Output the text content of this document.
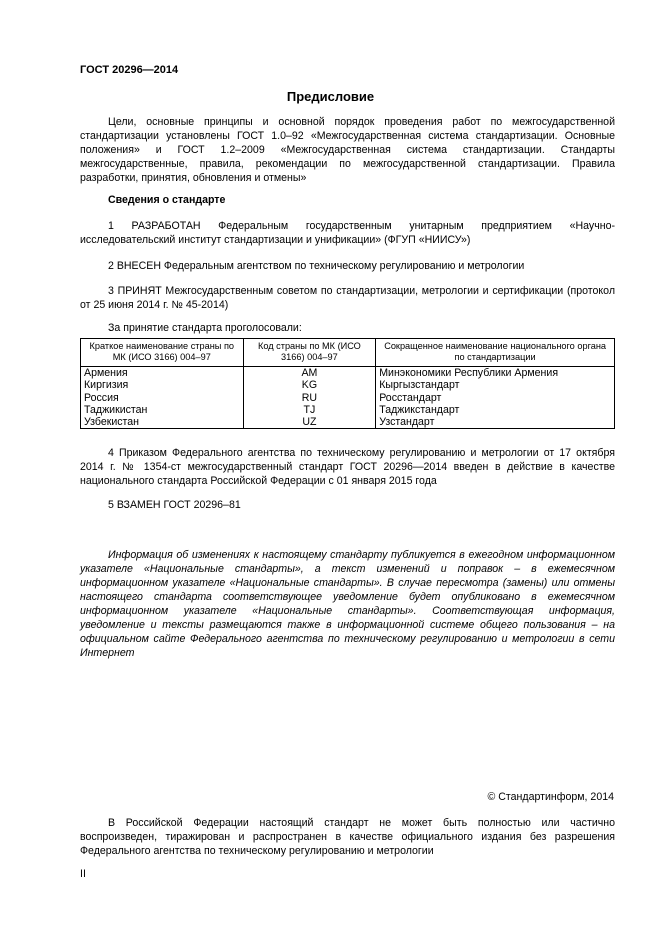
ГОСТ 20296—2014
Предисловие
Цели, основные принципы и основной порядок проведения работ по межгосударственной стандартизации установлены ГОСТ 1.0–92 «Межгосударственная система стандартизации. Основные положения» и ГОСТ 1.2–2009 «Межгосударственная система стандартизации. Стандарты межгосударственные, правила, рекомендации по межгосударственной стандартизации. Правила разработки, принятия, обновления и отмены»
Сведения о стандарте
1 РАЗРАБОТАН Федеральным государственным унитарным предприятием «Научно-исследовательский институт стандартизации и унификации» (ФГУП «НИИСУ»)
2 ВНЕСЕН Федеральным агентством по техническому регулированию и метрологии
3 ПРИНЯТ Межгосударственным советом по стандартизации, метрологии и сертификации (протокол от 25 июня 2014 г. № 45-2014)
За принятие стандарта проголосовали:
Краткое наименование страны по МК (ИСО 3166) 004–97	Код страны по МК (ИСО 3166) 004–97	Сокращенное наименование национального органа по стандартизации
Армения	AM	Минэкономики Республики Армения
Киргизия	KG	Кыргызстандарт
Россия	RU	Росстандарт
Таджикистан	TJ	Таджикстандарт
Узбекистан	UZ	Узстандарт
4 Приказом Федерального агентства по техническому регулированию и метрологии от 17 октября 2014 г. № 1354-ст межгосударственный стандарт ГОСТ 20296—2014 введен в действие в качестве национального стандарта Российской Федерации с 01 января 2015 года
5 ВЗАМЕН ГОСТ 20296–81
Информация об изменениях к настоящему стандарту публикуется в ежегодном информационном указателе «Национальные стандарты», а текст изменений и поправок – в ежемесячном информационном указателе «Национальные стандарты». В случае пересмотра (замены) или отмены настоящего стандарта соответствующее уведомление будет опубликовано в ежемесячном информационном указателе «Национальные стандарты». Соответствующая информация, уведомление и тексты размещаются также в информационной системе общего пользования – на официальном сайте Федерального агентства по техническому регулированию и метрологии в сети Интернет
© Стандартинформ, 2014
В Российской Федерации настоящий стандарт не может быть полностью или частично воспроизведен, тиражирован и распространен в качестве официального издания без разрешения Федерального агентства по техническому регулированию и метрологии
II
